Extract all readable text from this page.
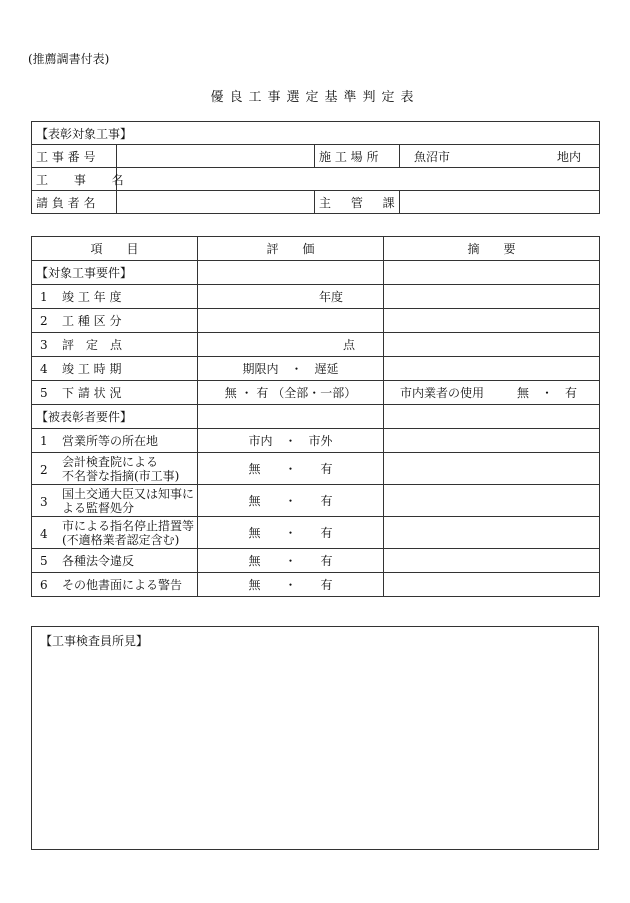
(推薦調書付表)
優良工事選定基準判定表
【表彰対象工事】			
工 事 番 号		施 工 場 所	魚沼市 地内

工 事 名			
請 負 者 名		主 管 課	
項　　目	評　　価	摘　　要
【対象工事要件】		
1 竣 工 年 度	年度	
2 工 種 区 分		
3 評　定　点	点	
4 竣 工 時 期	期限内　・　遅延	
5 下 請 状 況	無 ・ 有 （全部・一部）	市内業者の使用 無　・　有

【被表彰者要件】		
1 営業所等の所在地	市内　・　市外	
2会計検査院による
不名誉な指摘(市工事)	無　　・　　有	
3国土交通大臣又は知事に
よる監督処分	無　　・　　有	
4市による指名停止措置等
(不適格業者認定含む)	無　　・　　有	
5 各種法令違反	無　　・　　有	
6 その他書面による警告	無　　・　　有	
【工事検査員所見】
